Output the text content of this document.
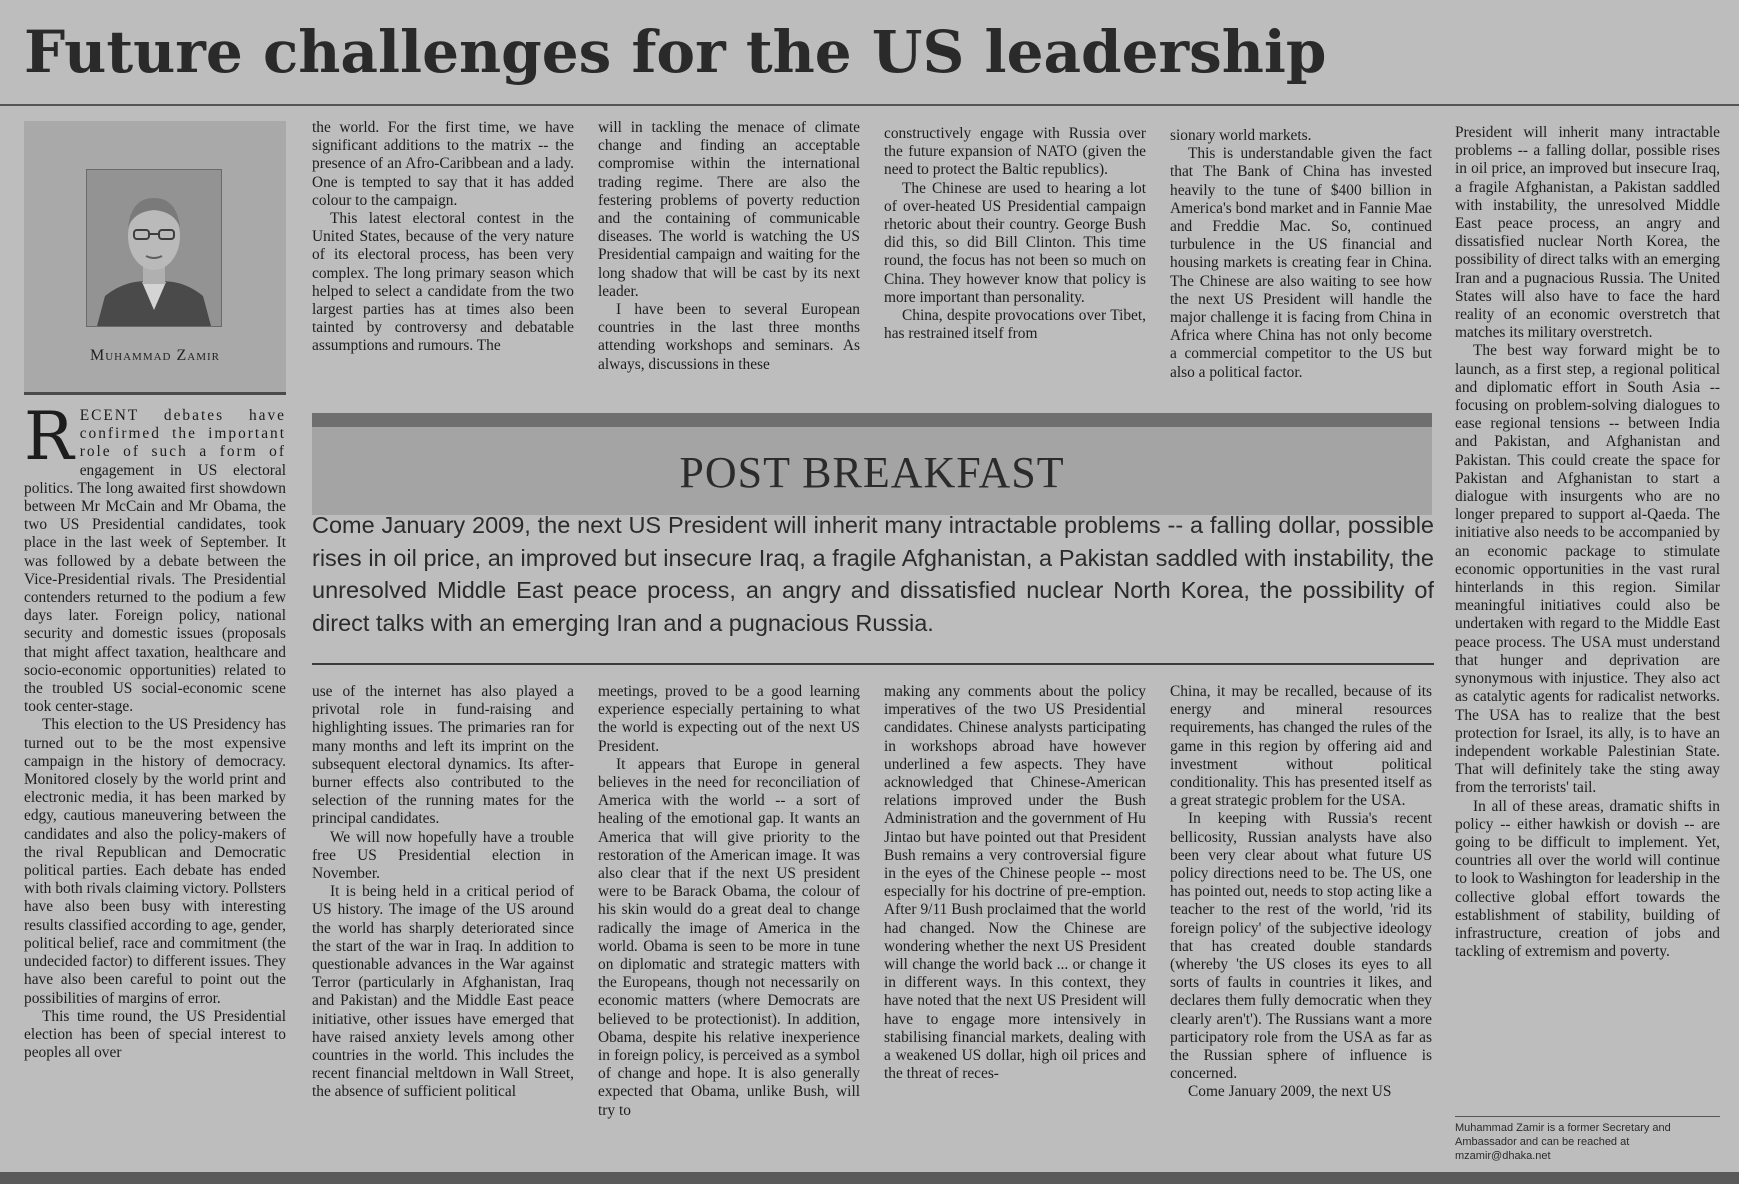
Future challenges for the US leadership
Muhammad Zamir

RECENT debates have confirmed the important role of such a form of engagement in US electoral politics. The long awaited first showdown between Mr McCain and Mr Obama, the two US Presidential candidates, took place in the last week of September. It was followed by a debate between the Vice-Presidential rivals. The Presidential contenders returned to the podium a few days later. Foreign policy, national security and domestic issues (proposals that might affect taxation, healthcare and socio-economic opportunities) related to the troubled US social-economic scene took center-stage.

This election to the US Presidency has turned out to be the most expensive campaign in the history of democracy. Monitored closely by the world print and electronic media, it has been marked by edgy, cautious maneuvering between the candidates and also the policy-makers of the rival Republican and Democratic political parties. Each debate has ended with both rivals claiming victory. Pollsters have also been busy with interesting results classified according to age, gender, political belief, race and commitment (the undecided factor) to different issues. They have also been careful to point out the possibilities of margins of error.

This time round, the US Presidential election has been of special interest to peoples all over

the world. For the first time, we have significant additions to the matrix -- the presence of an Afro-Caribbean and a lady. One is tempted to say that it has added colour to the campaign.

This latest electoral contest in the United States, because of the very nature of its electoral process, has been very complex. The long primary season which helped to select a candidate from the two largest parties has at times also been tainted by controversy and debatable assumptions and rumours. The

will in tackling the menace of climate change and finding an acceptable compromise within the international trading regime. There are also the festering problems of poverty reduction and the containing of communicable diseases. The world is watching the US Presidential campaign and waiting for the long shadow that will be cast by its next leader.

I have been to several European countries in the last three months attending workshops and seminars. As always, discussions in these

constructively engage with Russia over the future expansion of NATO (given the need to protect the Baltic republics).

The Chinese are used to hearing a lot of over-heated US Presidential campaign rhetoric about their country. George Bush did this, so did Bill Clinton. This time round, the focus has not been so much on China. They however know that policy is more important than personality.

China, despite provocations over Tibet, has restrained itself from

sionary world markets.

This is understandable given the fact that The Bank of China has invested heavily to the tune of $400 billion in America's bond market and in Fannie Mae and Freddie Mac. So, continued turbulence in the US financial and housing markets is creating fear in China. The Chinese are also waiting to see how the next US President will handle the major challenge it is facing from China in Africa where China has not only become a commercial competitor to the US but also a political factor.

President will inherit many intractable problems -- a falling dollar, possible rises in oil price, an improved but insecure Iraq, a fragile Afghanistan, a Pakistan saddled with instability, the unresolved Middle East peace process, an angry and dissatisfied nuclear North Korea, the possibility of direct talks with an emerging Iran and a pugnacious Russia. The United States will also have to face the hard reality of an economic overstretch that matches its military overstretch.

The best way forward might be to launch, as a first step, a regional political and diplomatic effort in South Asia -- focusing on problem-solving dialogues to ease regional tensions -- between India and Pakistan, and Afghanistan and Pakistan. This could create the space for Pakistan and Afghanistan to start a dialogue with insurgents who are no longer prepared to support al-Qaeda. The initiative also needs to be accompanied by an economic package to stimulate economic opportunities in the vast rural hinterlands in this region. Similar meaningful initiatives could also be undertaken with regard to the Middle East peace process. The USA must understand that hunger and deprivation are synonymous with injustice. They also act as catalytic agents for radicalist networks. The USA has to realize that the best protection for Israel, its ally, is to have an independent workable Palestinian State. That will definitely take the sting away from the terrorists' tail.

In all of these areas, dramatic shifts in policy -- either hawkish or dovish -- are going to be difficult to implement. Yet, countries all over the world will continue to look to Washington for leadership in the collective global effort towards the establishment of stability, building of infrastructure, creation of jobs and tackling of extremism and poverty.

POST BREAKFAST
Come January 2009, the next US President will inherit many intractable problems -- a falling dollar, possible rises in oil price, an improved but insecure Iraq, a fragile Afghanistan, a Pakistan saddled with instability, the unresolved Middle East peace process, an angry and dissatisfied nuclear North Korea, the possibility of direct talks with an emerging Iran and a pugnacious Russia.

use of the internet has also played a privotal role in fund-raising and highlighting issues. The primaries ran for many months and left its imprint on the subsequent electoral dynamics. Its after-burner effects also contributed to the selection of the running mates for the principal candidates.

We will now hopefully have a trouble free US Presidential election in November.

It is being held in a critical period of US history. The image of the US around the world has sharply deteriorated since the start of the war in Iraq. In addition to questionable advances in the War against Terror (particularly in Afghanistan, Iraq and Pakistan) and the Middle East peace initiative, other issues have emerged that have raised anxiety levels among other countries in the world. This includes the recent financial meltdown in Wall Street, the absence of sufficient political

meetings, proved to be a good learning experience especially pertaining to what the world is expecting out of the next US President.

It appears that Europe in general believes in the need for reconciliation of America with the world -- a sort of healing of the emotional gap. It wants an America that will give priority to the restoration of the American image. It was also clear that if the next US president were to be Barack Obama, the colour of his skin would do a great deal to change radically the image of America in the world. Obama is seen to be more in tune on diplomatic and strategic matters with the Europeans, though not necessarily on economic matters (where Democrats are believed to be protectionist). In addition, Obama, despite his relative inexperience in foreign policy, is perceived as a symbol of change and hope. It is also generally expected that Obama, unlike Bush, will try to

making any comments about the policy imperatives of the two US Presidential candidates. Chinese analysts participating in workshops abroad have however underlined a few aspects. They have acknowledged that Chinese-American relations improved under the Bush Administration and the government of Hu Jintao but have pointed out that President Bush remains a very controversial figure in the eyes of the Chinese people -- most especially for his doctrine of pre-emption. After 9/11 Bush proclaimed that the world had changed. Now the Chinese are wondering whether the next US President will change the world back ... or change it in different ways. In this context, they have noted that the next US President will have to engage more intensively in stabilising financial markets, dealing with a weakened US dollar, high oil prices and the threat of reces-

China, it may be recalled, because of its energy and mineral resources requirements, has changed the rules of the game in this region by offering aid and investment without political conditionality. This has presented itself as a great strategic problem for the USA.

In keeping with Russia's recent bellicosity, Russian analysts have also been very clear about what future US policy directions need to be. The US, one has pointed out, needs to stop acting like a teacher to the rest of the world, 'rid its foreign policy' of the subjective ideology that has created double standards (whereby 'the US closes its eyes to all sorts of faults in countries it likes, and declares them fully democratic when they clearly aren't'). The Russians want a more participatory role from the USA as far as the Russian sphere of influence is concerned.

Come January 2009, the next US

Muhammad Zamir is a former Secretary and Ambassador and can be reached at mzamir@dhaka.net
